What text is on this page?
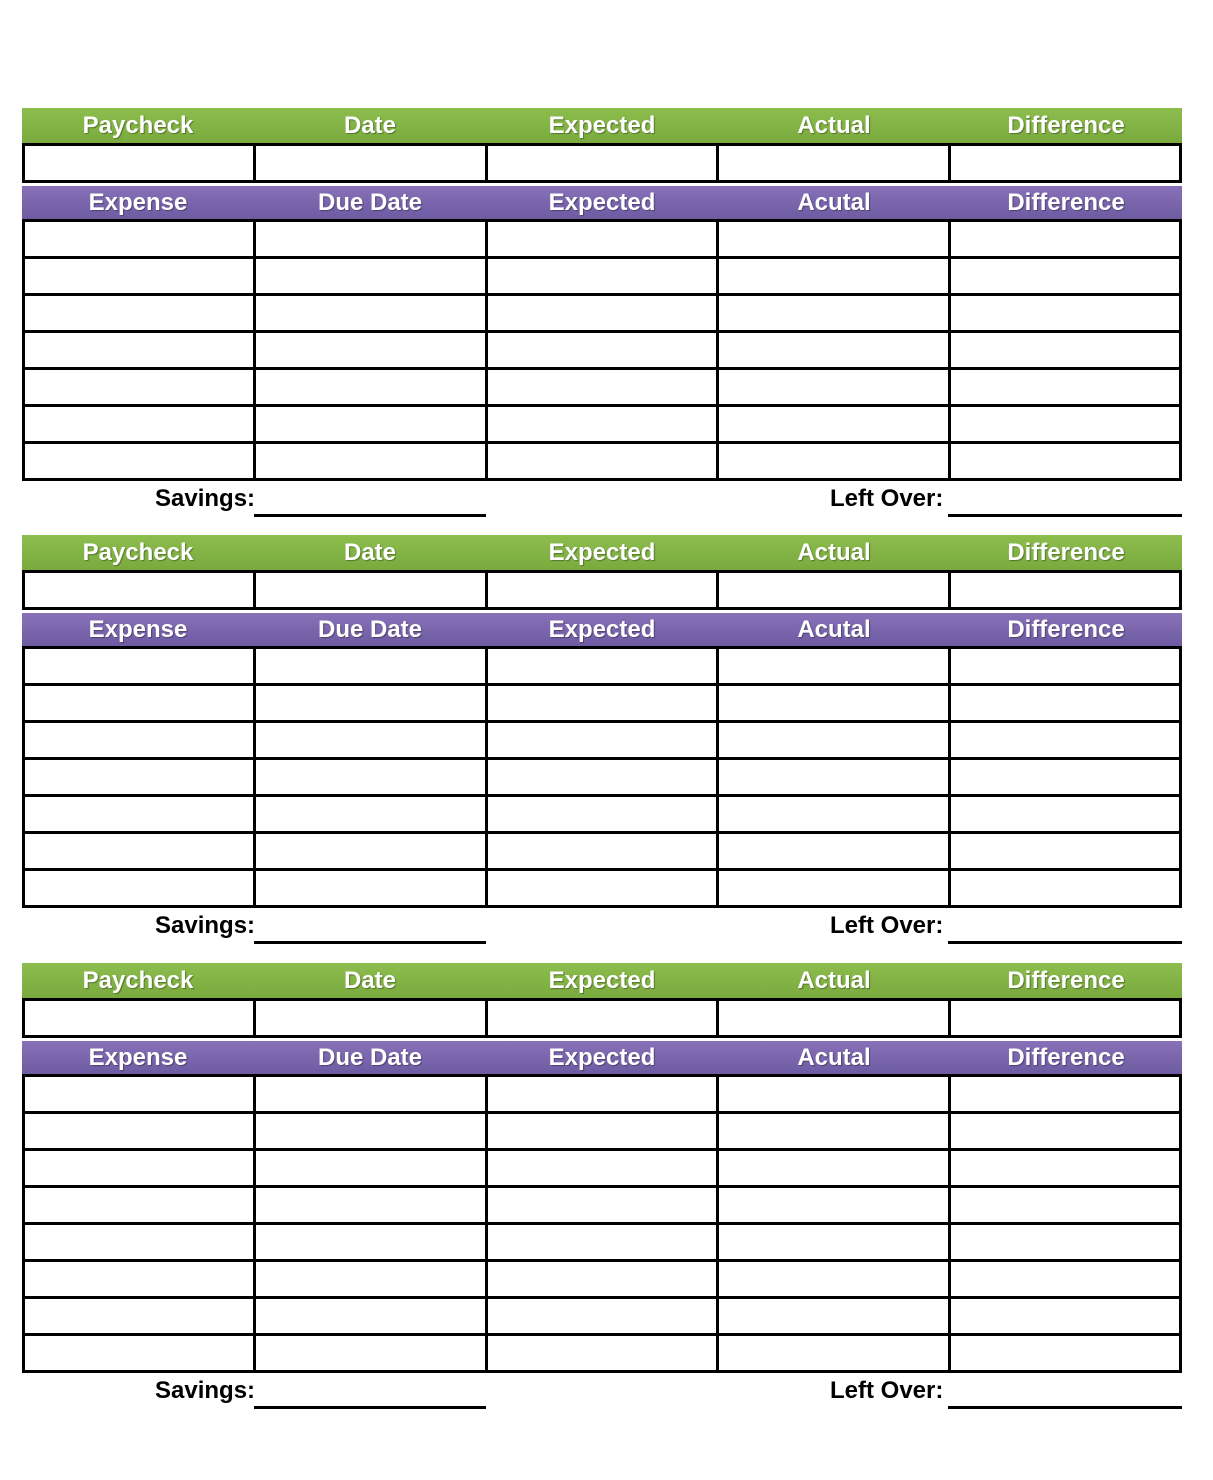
Paycheck	Date	Expected	Actual	Difference
Expense	Due Date	Expected	Acutal	Difference
Savings:	Left Over:
Paycheck	Date	Expected	Actual	Difference
Expense	Due Date	Expected	Acutal	Difference
Savings:	Left Over:
Paycheck	Date	Expected	Actual	Difference
Expense	Due Date	Expected	Acutal	Difference
Savings:	Left Over:
